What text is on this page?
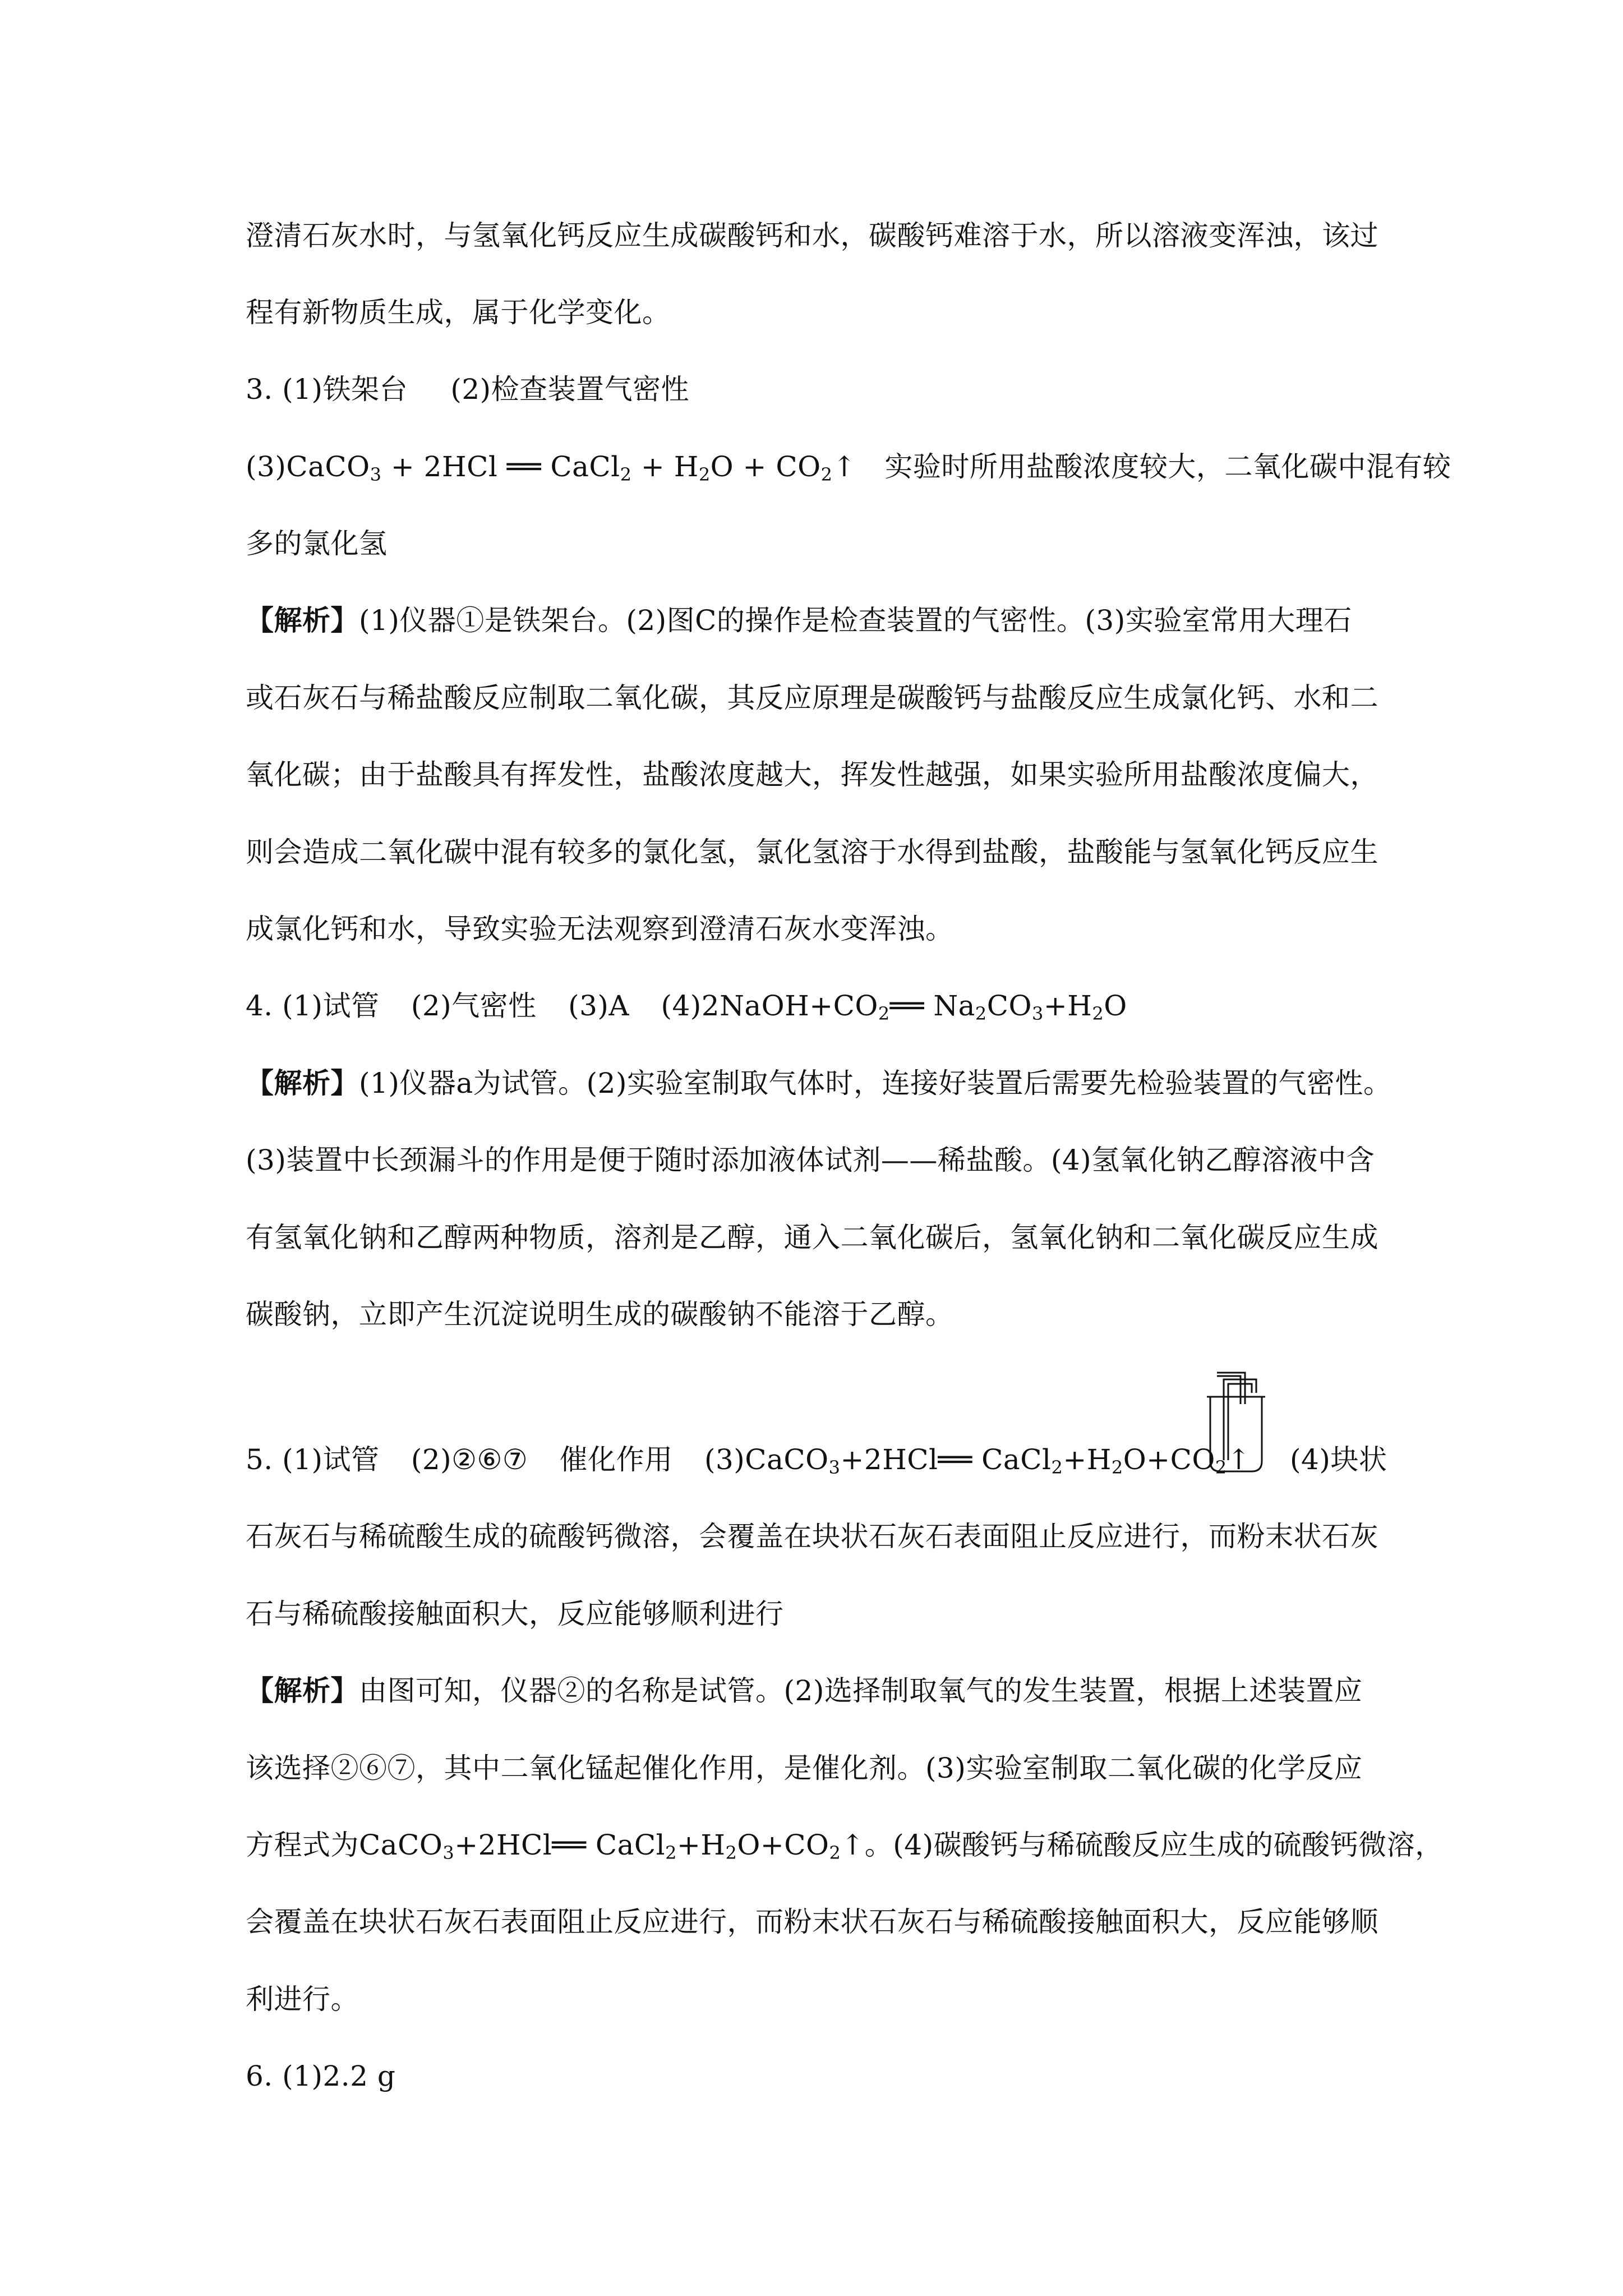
澄清石灰水时，与氢氧化钙反应生成碳酸钙和水，碳酸钙难溶于水，所以溶液变浑浊，该过
程有新物质生成，属于化学变化。
3. (1)铁架台 (2)检查装置气密性
(3)CaCO$_3$ + 2HCl ══ CaCl$_2$ + $H_2O$ + $CO_2↑$　实验时所用盐酸浓度较大，二氧化碳中混有较
多的氯化氢
【解析】(1)仪器①是铁架台。(2)图C的操作是检查装置的气密性。(3)实验室常用大理石
或石灰石与稀盐酸反应制取二氧化碳，其反应原理是碳酸钙与盐酸反应生成氯化钙、水和二
氧化碳；由于盐酸具有挥发性，盐酸浓度越大，挥发性越强，如果实验所用盐酸浓度偏大，
则会造成二氧化碳中混有较多的氯化氢，氯化氢溶于水得到盐酸，盐酸能与氢氧化钙反应生
成氯化钙和水，导致实验无法观察到澄清石灰水变浑浊。
4. (1)试管 (2)气密性 (3)A $(4)2NaOH+CO_2══$ $Na_2CO_3+H_2O$
【解析】(1)仪器a为试管。(2)实验室制取气体时，连接好装置后需要先检验装置的气密性。
(3)装置中长颈漏斗的作用是便于随时添加液体试剂——稀盐酸。(4)氢氧化钠乙醇溶液中含
有氢氧化钠和乙醇两种物质，溶剂是乙醇，通入二氧化碳后，氢氧化钠和二氧化碳反应生成
碳酸钠，立即产生沉淀说明生成的碳酸钠不能溶于乙醇。
5. (1)试管 (2)②⑥⑦ 催化作用 (3)CaCO$_3$+2HCl══ $CaCl_2+H_2O+CO_2↑$	(4)块状
石灰石与稀硫酸生成的硫酸钙微溶，会覆盖在块状石灰石表面阻止反应进行，而粉末状石灰
石与稀硫酸接触面积大，反应能够顺利进行
【解析】由图可知，仪器②的名称是试管。(2)选择制取氧气的发生装置，根据上述装置应
该选择②⑥⑦，其中二氧化锰起催化作用，是催化剂。(3)实验室制取二氧化碳的化学反应
方程式为CaCO$_3$+2HCl══ $CaCl_2+H_2O+CO_2↑$。(4)碳酸钙与稀硫酸反应生成的硫酸钙微溶，
会覆盖在块状石灰石表面阻止反应进行，而粉末状石灰石与稀硫酸接触面积大，反应能够顺
利进行。
6. (1)2.2 g
